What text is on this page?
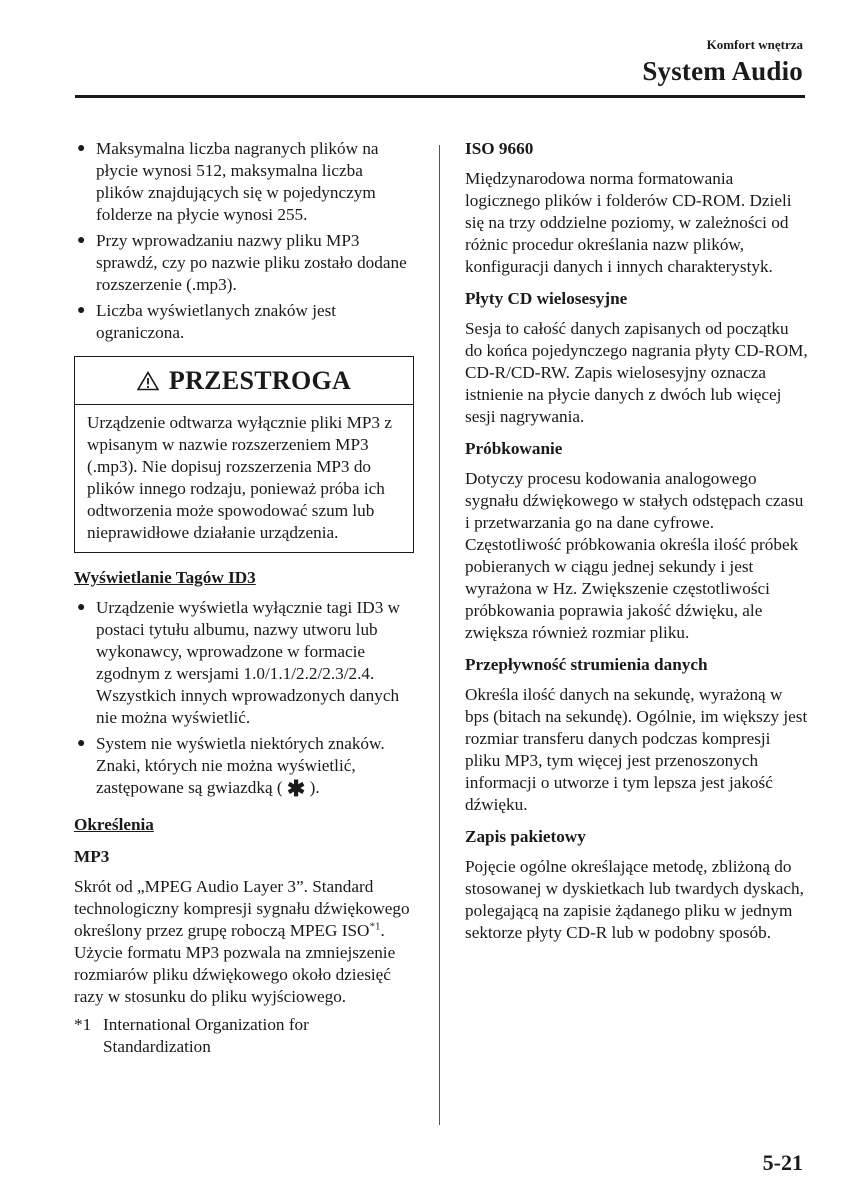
Komfort wnętrza
System Audio
● Maksymalna liczba nagranych plików na płycie wynosi 512, maksymalna liczba plików znajdujących się w pojedynczym folderze na płycie wynosi 255.
● Przy wprowadzaniu nazwy pliku MP3 sprawdź, czy po nazwie pliku zostało dodane rozszerzenie (.mp3).
● Liczba wyświetlanych znaków jest ograniczona.
PRZESTROGA
Urządzenie odtwarza wyłącznie pliki MP3 z wpisanym w nazwie rozszerzeniem MP3 (.mp3). Nie dopisuj rozszerzenia MP3 do plików innego rodzaju, ponieważ próba ich odtworzenia może spowodować szum lub nieprawidłowe działanie urządzenia.
Wyświetlanie Tagów ID3
● Urządzenie wyświetla wyłącznie tagi ID3 w postaci tytułu albumu, nazwy utworu lub wykonawcy, wprowadzone w formacie zgodnym z wersjami 1.0/1.1/2.2/2.3/2.4. Wszystkich innych wprowadzonych danych nie można wyświetlić.
● System nie wyświetla niektórych znaków. Znaki, których nie można wyświetlić, zastępowane są gwiazdką ( ✱ ).
Określenia
MP3

Skrót od „MPEG Audio Layer 3”. Standard technologiczny kompresji sygnału dźwiękowego określony przez grupę roboczą MPEG ISO$^{*1}$. Użycie formatu MP3 pozwala na zmniejszenie rozmiarów pliku dźwiękowego około dziesięć razy w stosunku do pliku wyjściowego.

*1 International Organization for Standardization
ISO 9660

Międzynarodowa norma formatowania logicznego plików i folderów CD-ROM. Dzieli się na trzy oddzielne poziomy, w zależności od różnic procedur określania nazw plików, konfiguracji danych i innych charakterystyk.

Płyty CD wielosesyjne

Sesja to całość danych zapisanych od początku do końca pojedynczego nagrania płyty CD-ROM, CD-R/CD-RW. Zapis wielosesyjny oznacza istnienie na płycie danych z dwóch lub więcej sesji nagrywania.

Próbkowanie

Dotyczy procesu kodowania analogowego sygnału dźwiękowego w stałych odstępach czasu i przetwarzania go na dane cyfrowe. Częstotliwość próbkowania określa ilość próbek pobieranych w ciągu jednej sekundy i jest wyrażona w Hz. Zwiększenie częstotliwości próbkowania poprawia jakość dźwięku, ale zwiększa również rozmiar pliku.

Przepływność strumienia danych

Określa ilość danych na sekundę, wyrażoną w bps (bitach na sekundę). Ogólnie, im większy jest rozmiar transferu danych podczas kompresji pliku MP3, tym więcej jest przenoszonych informacji o utworze i tym lepsza jest jakość dźwięku.

Zapis pakietowy

Pojęcie ogólne określające metodę, zbliżoną do stosowanej w dyskietkach lub twardych dyskach, polegającą na zapisie żądanego pliku w jednym sektorze płyty CD-R lub w podobny sposób.

5-21
